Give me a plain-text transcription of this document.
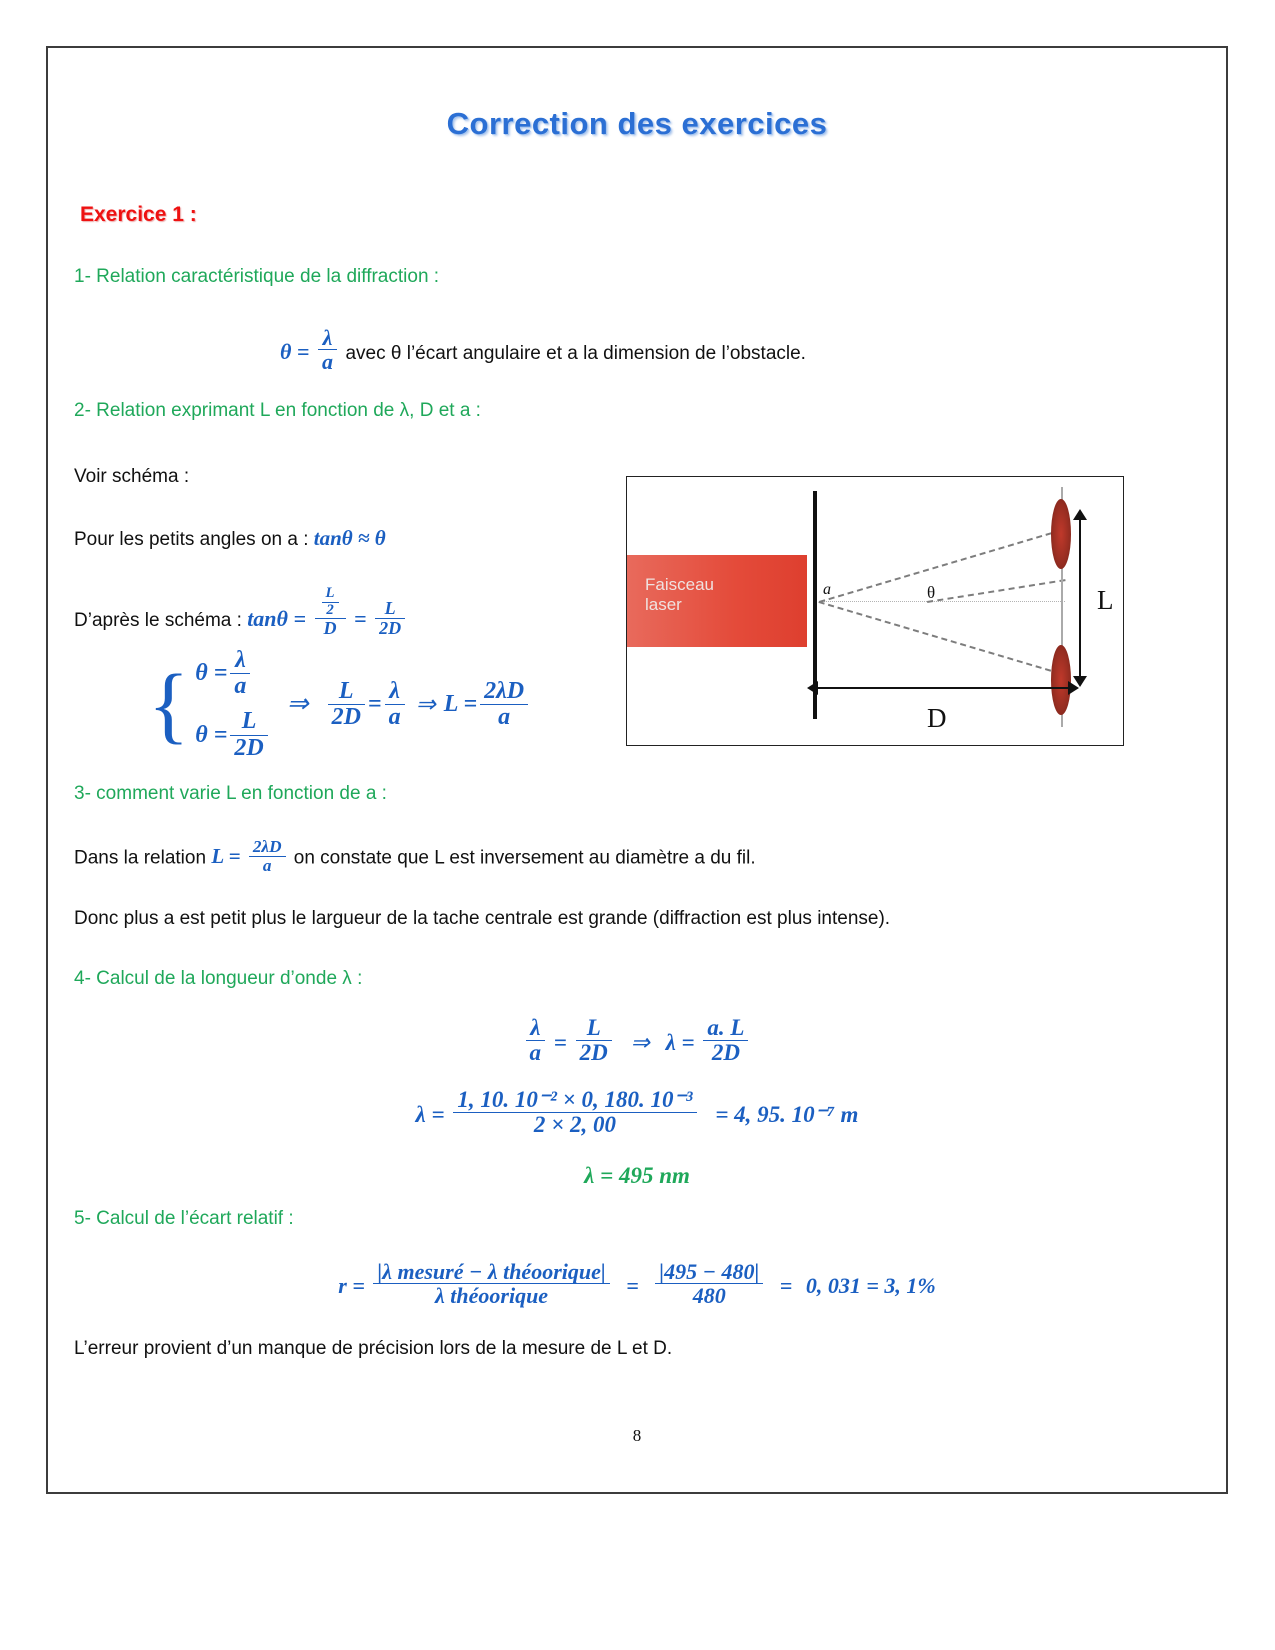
Correction des exercices
Exercice 1 :
1- Relation caractéristique de la diffraction :
$\theta = \frac{\lambda}{a}$ avec θ l’écart angulaire et a la dimension de l’obstacle.
2- Relation exprimant L en fonction de λ, D et a :
Voir schéma :
Pour les petits angles on a : tanθ ≈ θ
D’après le schéma : $\tan\theta = \frac{\frac{L}{2}}{D} = \frac{L}{2D}$
{ $\theta = \frac{\lambda}{a}$
$\theta = \frac{L}{2D}$
⇒ $\frac{L}{2D} = \frac{\lambda}{a}$ ⇒ $L = \frac{2\lambda D}{a}$
Faisceau
laser
a	θ	L
D
3- comment varie L en fonction de a :
Dans la relation $L = \frac{2\lambda D}{a}$ on constate que L est inversement au diamètre a du fil.
Donc plus a est petit plus le largueur de la tache centrale est grande (diffraction est plus intense).
4- Calcul de la longueur d’onde λ :
$\frac{\lambda}{a} = \frac{L}{2D}$ ⇒ $\lambda = \frac{a. L}{2D}$
$\lambda = \frac{\text{1, 10. 10⁻² × 0, 180. 10⁻³}}{2 \times 2, 00} = 4$, 95. 10⁻⁷ m
λ = 495 nm
5- Calcul de l’écart relatif :
$r = \frac{\text{|λ mesuré − λ théoorique|}}{\text{λ théoorique}} = \frac{|495 - 480|}{480} = 0$, 031 = 3, 1%
L’erreur provient d’un manque de précision lors de la mesure de L et D.
8
